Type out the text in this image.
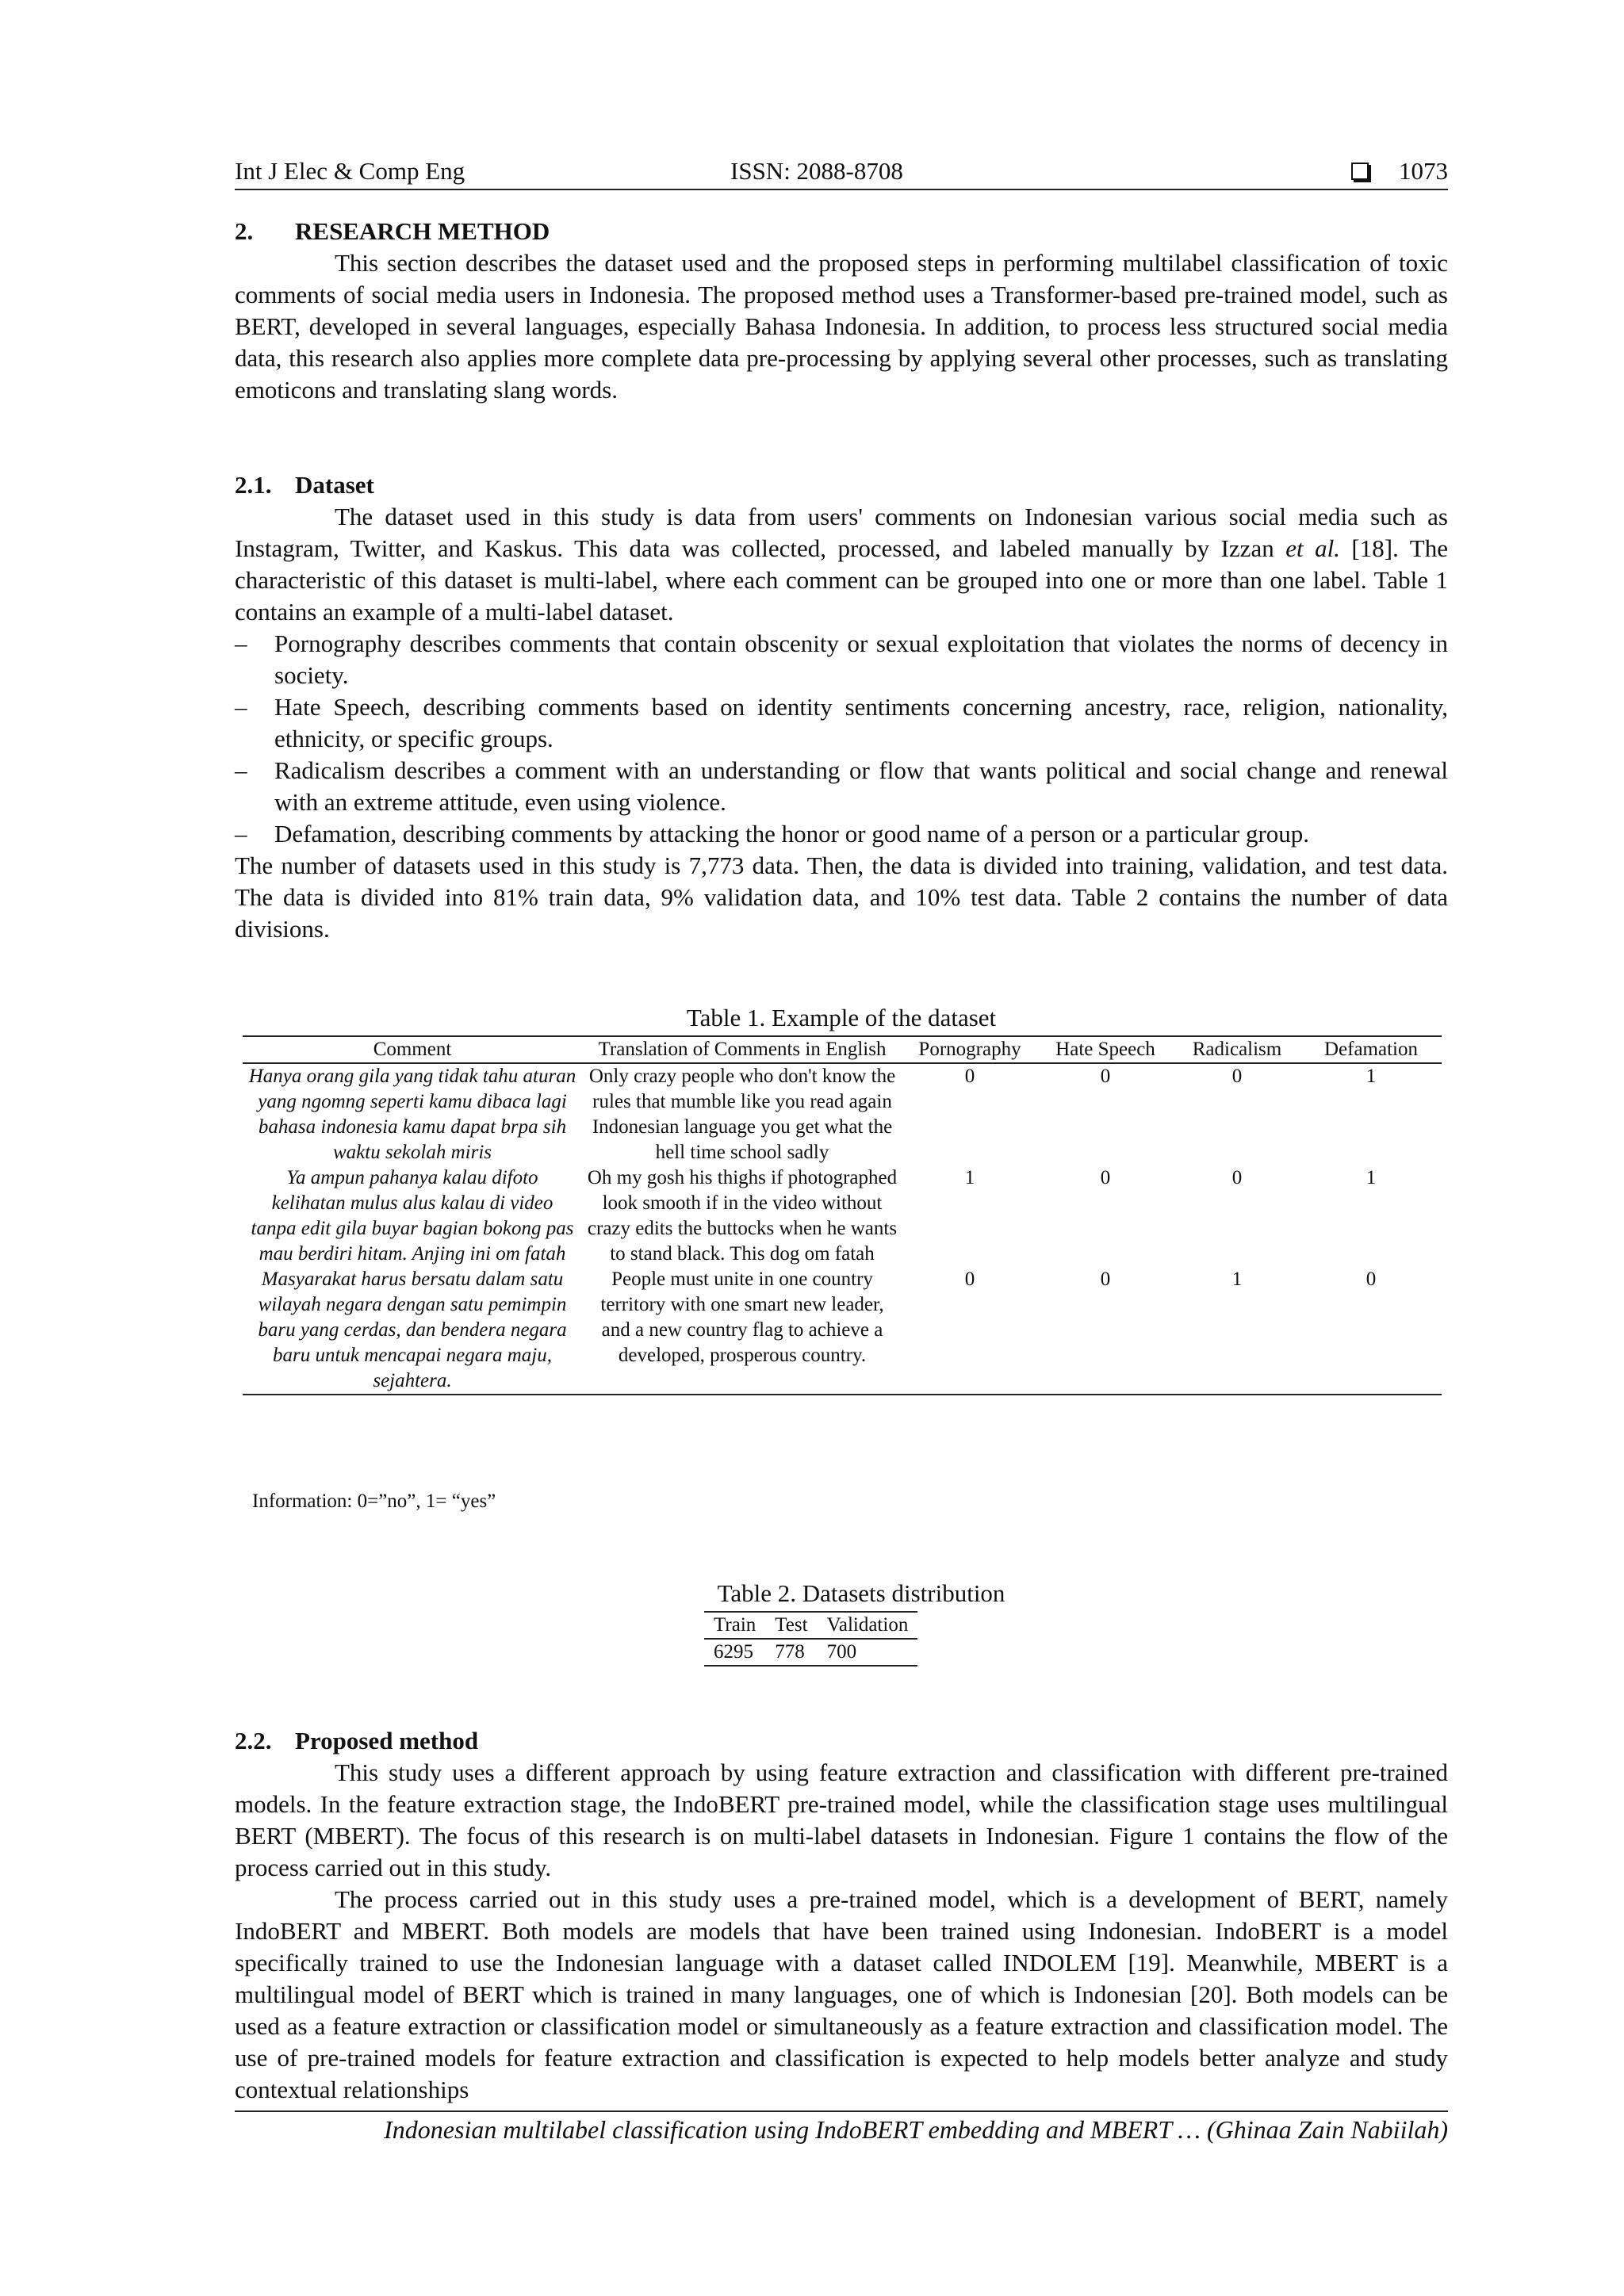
Int J Elec & Comp Eng	ISSN: 2088-8708	1073
2. RESEARCH METHOD

This section describes the dataset used and the proposed steps in performing multilabel classification of toxic comments of social media users in Indonesia. The proposed method uses a Transformer-based pre-trained model, such as BERT, developed in several languages, especially Bahasa Indonesia. In addition, to process less structured social media data, this research also applies more complete data pre-processing by applying several other processes, such as translating emoticons and translating slang words.

2.1. Dataset

The dataset used in this study is data from users' comments on Indonesian various social media such as Instagram, Twitter, and Kaskus. This data was collected, processed, and labeled manually by Izzan et al. [18]. The characteristic of this dataset is multi-label, where each comment can be grouped into one or more than one label. Table 1 contains an example of a multi-label dataset.

– Pornography describes comments that contain obscenity or sexual exploitation that violates the norms of decency in society.
– Hate Speech, describing comments based on identity sentiments concerning ancestry, race, religion, nationality, ethnicity, or specific groups.
– Radicalism describes a comment with an understanding or flow that wants political and social change and renewal with an extreme attitude, even using violence.
– Defamation, describing comments by attacking the honor or good name of a person or a particular group.

The number of datasets used in this study is 7,773 data. Then, the data is divided into training, validation, and test data. The data is divided into 81% train data, 9% validation data, and 10% test data. Table 2 contains the number of data divisions.

Table 1. Example of the dataset
Comment	Translation of Comments in English	Pornography	Hate Speech	Radicalism	Defamation
Hanya orang gila yang tidak tahu aturan yang ngomng seperti kamu dibaca lagi bahasa indonesia kamu dapat brpa sih waktu sekolah miris	Only crazy people who don't know the rules that mumble like you read again Indonesian language you get what the hell time school sadly	0	0	0	1
Ya ampun pahanya kalau difoto kelihatan mulus alus kalau di video tanpa edit gila buyar bagian bokong pas mau berdiri hitam. Anjing ini om fatah	Oh my gosh his thighs if photographed look smooth if in the video without crazy edits the buttocks when he wants to stand black. This dog om fatah	1	0	0	1
Masyarakat harus bersatu dalam satu wilayah negara dengan satu pemimpin baru yang cerdas, dan bendera negara baru untuk mencapai negara maju, sejahtera.	People must unite in one country territory with one smart new leader, and a new country flag to achieve a developed, prosperous country.	0	0	1	0
Information: 0=”no”, 1= “yes”
Table 2. Datasets distribution
Train	Test	Validation
6295	778	700
2.2. Proposed method

This study uses a different approach by using feature extraction and classification with different pre-trained models. In the feature extraction stage, the IndoBERT pre-trained model, while the classification stage uses multilingual BERT (MBERT). The focus of this research is on multi-label datasets in Indonesian. Figure 1 contains the flow of the process carried out in this study.

The process carried out in this study uses a pre-trained model, which is a development of BERT, namely IndoBERT and MBERT. Both models are models that have been trained using Indonesian. IndoBERT is a model specifically trained to use the Indonesian language with a dataset called INDOLEM [19]. Meanwhile, MBERT is a multilingual model of BERT which is trained in many languages, one of which is Indonesian [20]. Both models can be used as a feature extraction or classification model or simultaneously as a feature extraction and classification model. The use of pre-trained models for feature extraction and classification is expected to help models better analyze and study contextual relationships

Indonesian multilabel classification using IndoBERT embedding and MBERT … (Ghinaa Zain Nabiilah)
